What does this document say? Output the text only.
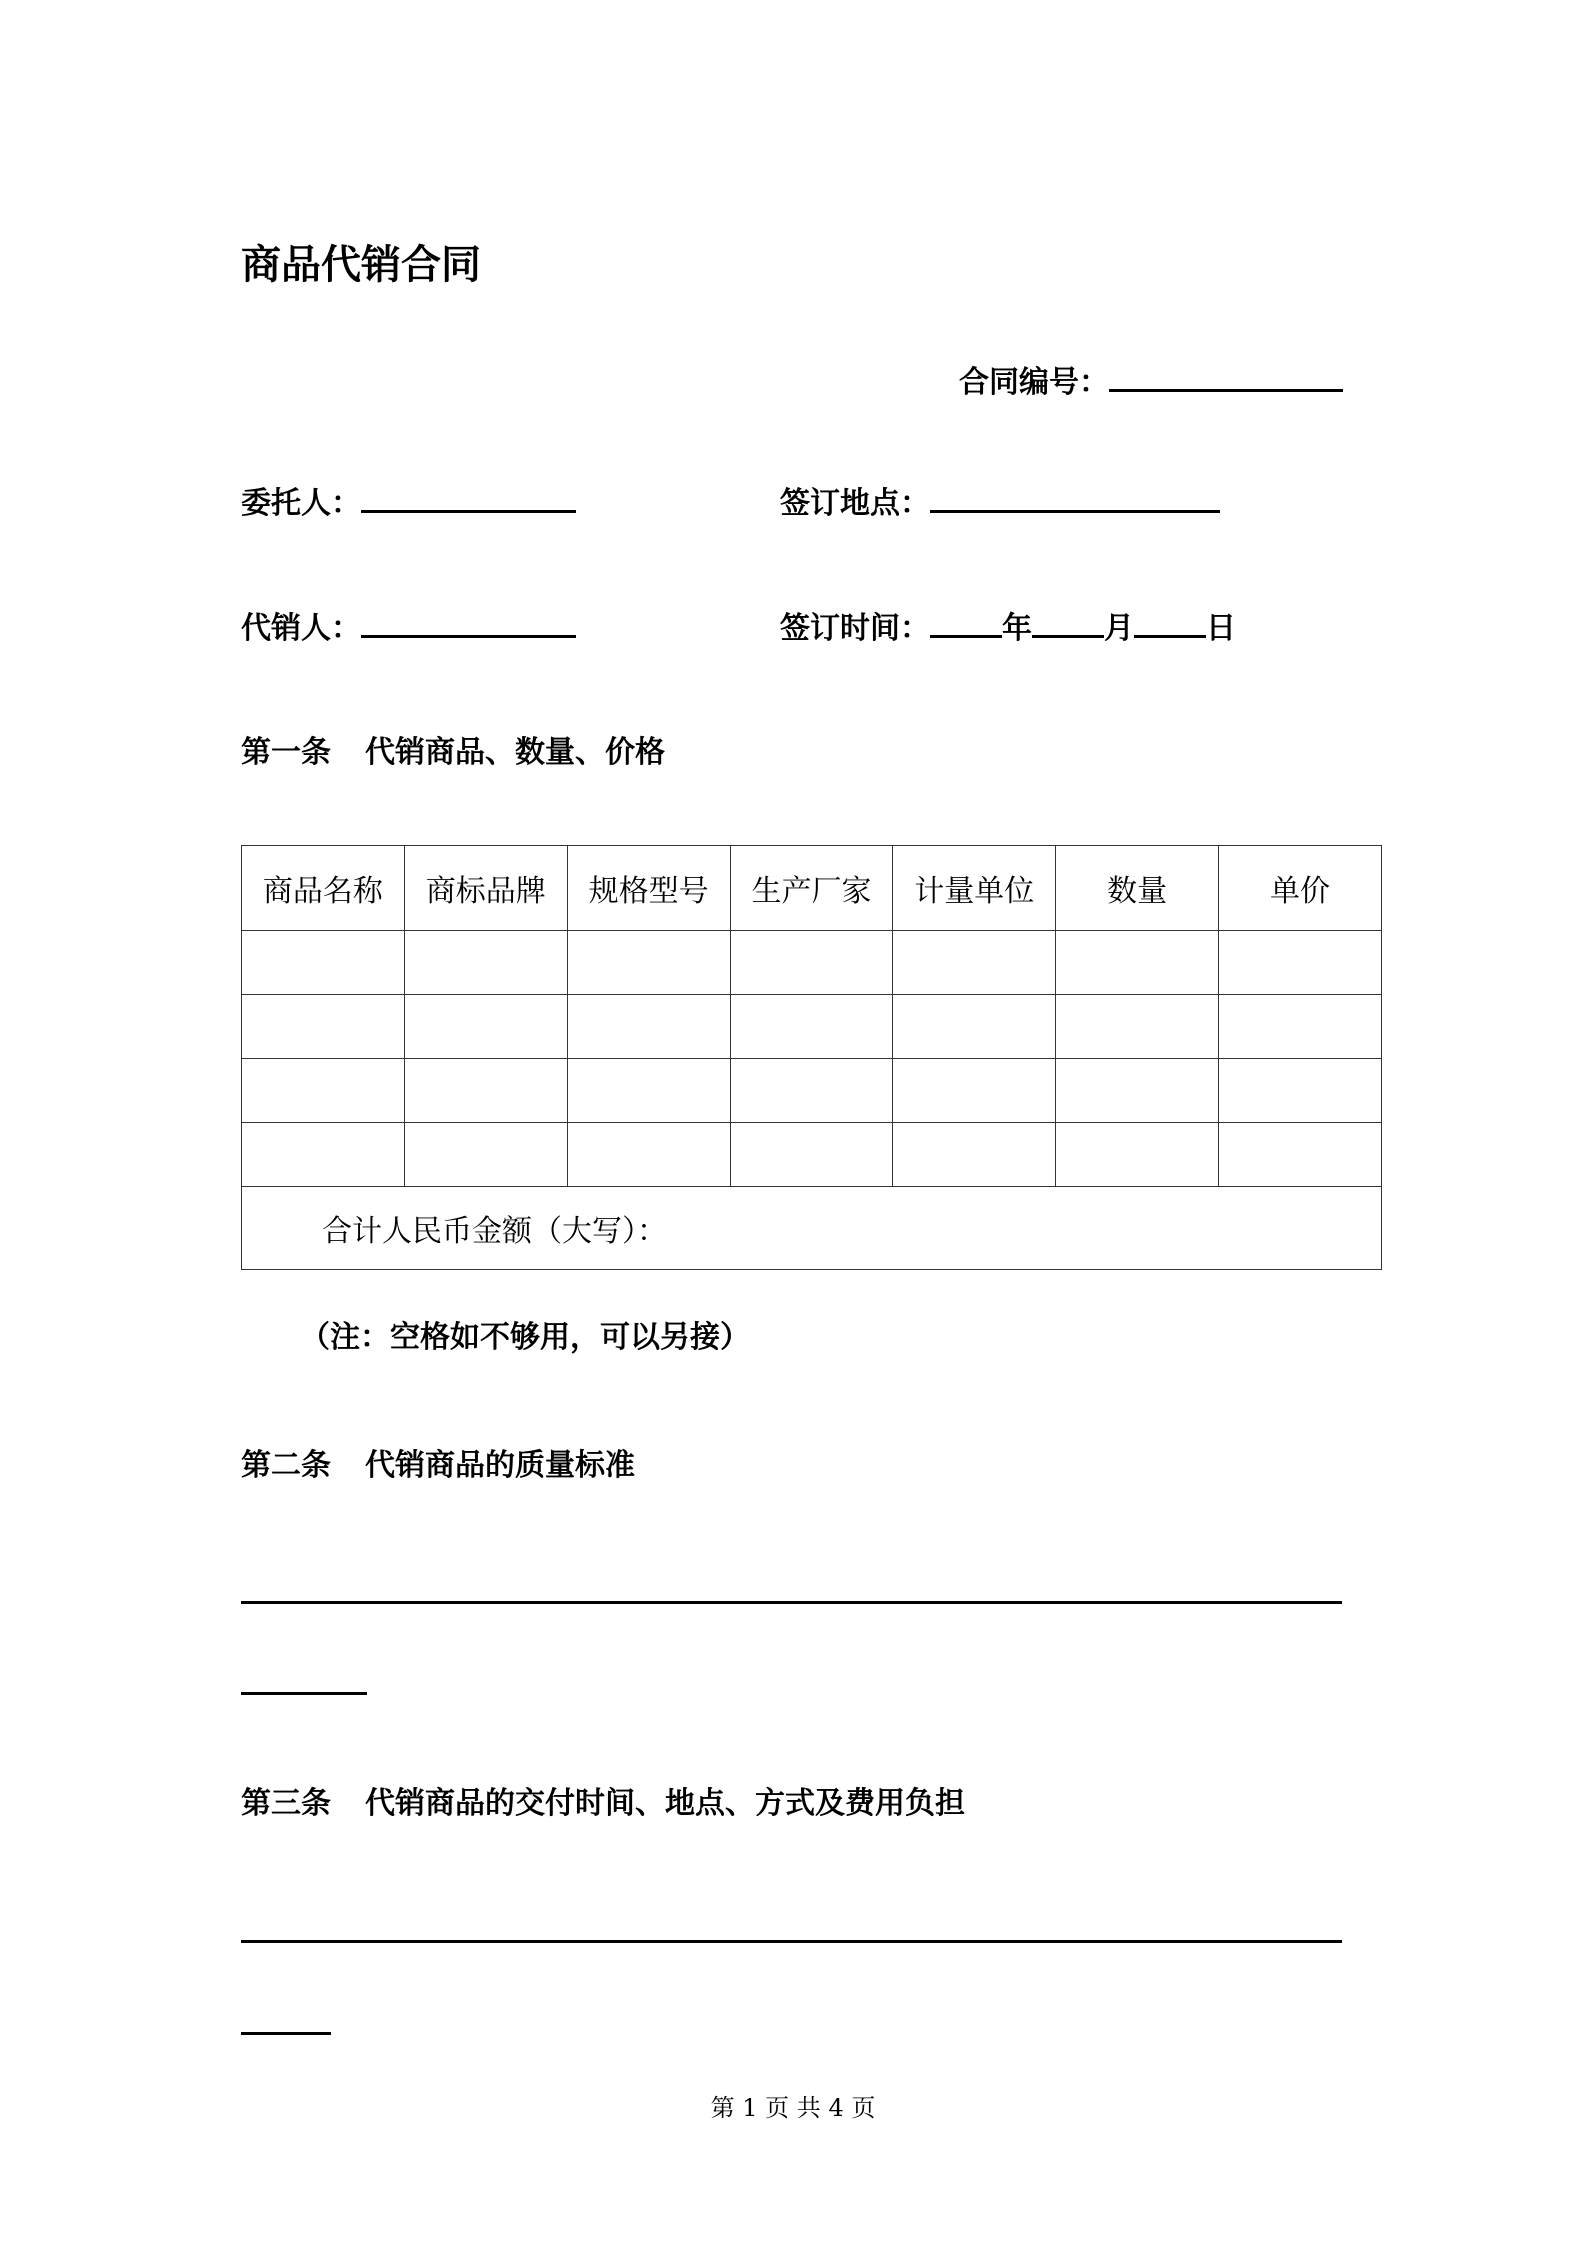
商品代销合同
合同编号：
委托人：	签订地点：
代销人：	签订时间： 年 月 日
第一条 代销商品、数量、价格
商品名称	商标品牌	规格型号	生产厂家	计量单位	数量	单价

合计人民币金额（大写）：						
（注：空格如不够用，可以另接）
第二条 代销商品的质量标准
第三条 代销商品的交付时间、地点、方式及费用负担
第 1 页 共 4 页
